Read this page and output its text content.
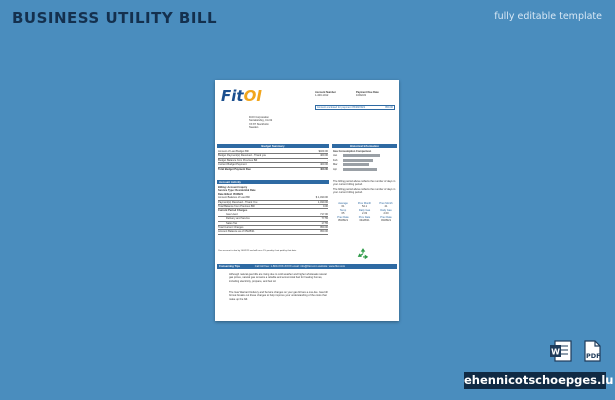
BUSINESS UTILITY BILL	fully editable template
FitOI	Account Number
1-400-1012
Payment Due Date
10/02/22
Amount enclosed for payment 05/28/2021	950.00
FitOI Corporation
Storskärsbrg, CA 02
XX 87 Stockholm
Sweden
Budget Summary	Historical Information
Amount of Last Budget Bill	$400.00
Budget Payment(s) Received - Thank you	400.00
Budget Balance from Previous Bill	-
Current Budget Payment	400.00
Total Budget Payment Due	400.00
Gas Consumption Comparison
Jan
Feb
Mar
Apr
Account Activity
Billing: Account Inquiry
Service Type: Residential Rate
Date Billed: 05/28/21
Amount Balance of Last Bill	$ 1,490.00
Payment(s) Received - Thank You	1,490.00
Total Balance from Previous Bill	0.00
Current Period Charges
Gas Used	717.00
Delivery and Service	77.55
Sales Tax	17.55
Total Current Charges	950.00
Account Balance as of 05/28/21	950.00
Your account is due by 10/02/22 and will incur 1% penalty if not paid by that date.
The billing period above reflects the number of days in your current billing period.
The billing period above reflects the number of days in your current billing period.
Average	Prev Month	Prev Month
61	54.1	41
Temp	Daily Gas	Daily Gas
65	2.33	2.00
Prev Date	Prev Date	Prev Date
05/28/21	04/28/21	03/28/21
Conserving Tips	Call toll free: 1-800-XXX-XXXX email: info@fitoi.com website: www.fitoi.com
Although natural gas bills are rising due to cold weather and higher wholesale natural gas prices, natural gas remains a reliable and economical fuel for heating homes, including electricity, propane, and fuel oil.
The Gas Warrant Delivery and Service charges on your gas bill are a one-fee. Gas bill format breaks out these charges to help improve your understanding of the costs that make up the bill.
W	PDF
ehennicotschoepges.lu
